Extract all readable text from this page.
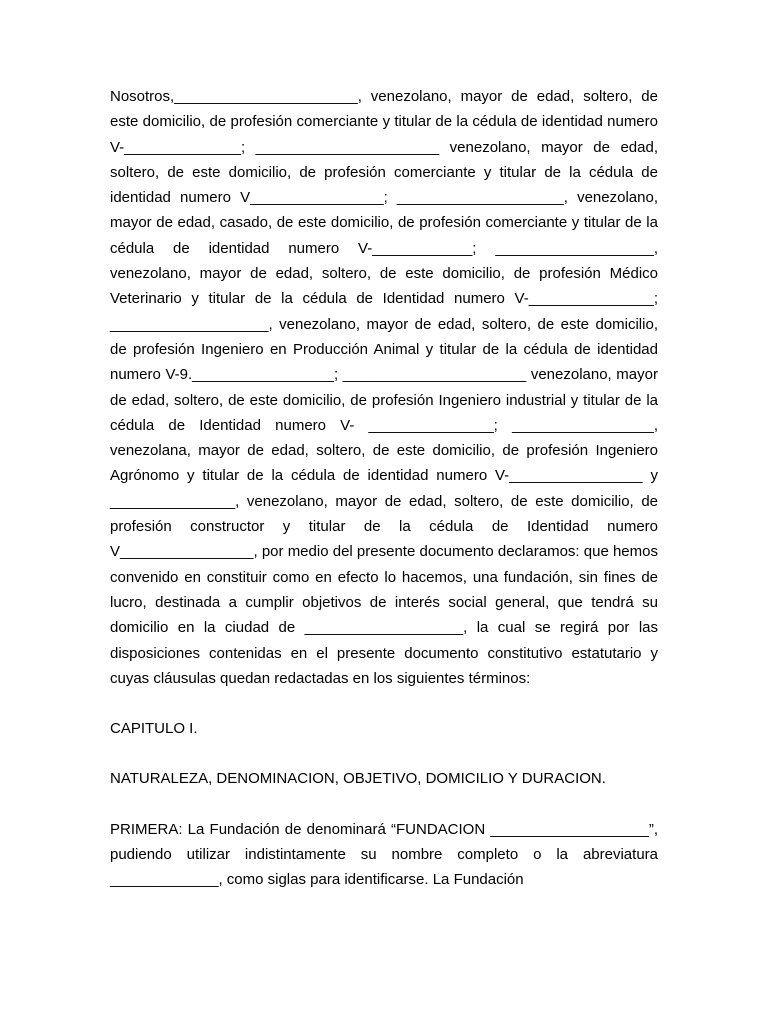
Nosotros,______________________, venezolano, mayor de edad, soltero, de este domicilio, de profesión comerciante y titular de la cédula de identidad numero V-______________; ______________________ venezolano, mayor de edad, soltero, de este domicilio, de profesión comerciante y titular de la cédula de identidad numero V________________; ____________________, venezolano, mayor de edad, casado, de este domicilio, de profesión comerciante y titular de la cédula de identidad numero V-____________; ___________________, venezolano, mayor de edad, soltero, de este domicilio, de profesión Médico Veterinario y titular de la cédula de Identidad numero V-_______________; ___________________, venezolano, mayor de edad, soltero, de este domicilio, de profesión Ingeniero en Producción Animal y titular de la cédula de identidad numero V-9._________________; ______________________ venezolano, mayor de edad, soltero, de este domicilio, de profesión Ingeniero industrial y titular de la cédula de Identidad numero V- _______________; _________________, venezolana, mayor de edad, soltero, de este domicilio, de profesión Ingeniero Agrónomo y titular de la cédula de identidad numero V-________________ y _______________, venezolano, mayor de edad, soltero, de este domicilio, de profesión constructor y titular de la cédula de Identidad numero V________________, por medio del presente documento declaramos: que hemos convenido en constituir como en efecto lo hacemos, una fundación, sin fines de lucro, destinada a cumplir objetivos de interés social general, que tendrá su domicilio en la ciudad de ___________________, la cual se regirá por las disposiciones contenidas en el presente documento constitutivo estatutario y cuyas cláusulas quedan redactadas en los siguientes términos:

CAPITULO I.

NATURALEZA, DENOMINACION, OBJETIVO, DOMICILIO Y DURACION.

PRIMERA: La Fundación de denominará “FUNDACION ___________________”, pudiendo utilizar indistintamente su nombre completo o la abreviatura _____________, como siglas para identificarse. La Fundación
